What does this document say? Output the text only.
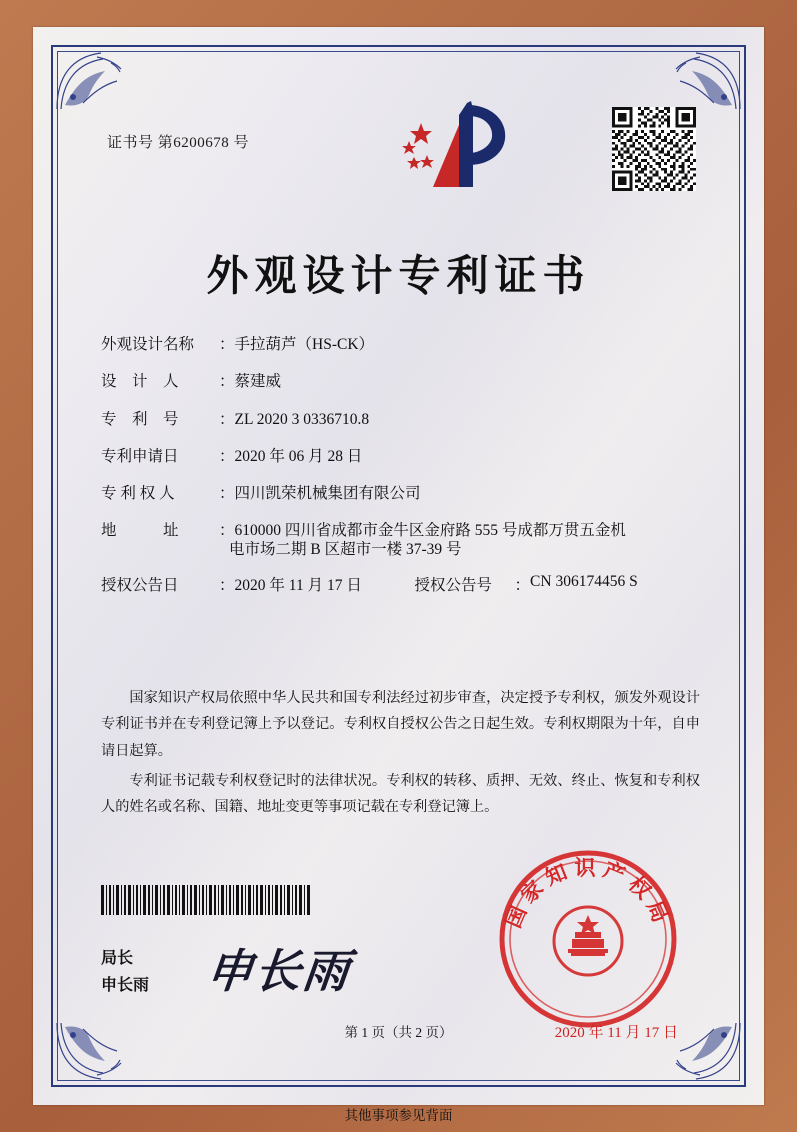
证书号 第6200678 号
外观设计专利证书
外观设计名称	： 手拉葫芦（HS-CK）
设　计　人	： 蔡建威
专　利　号	： ZL 2020 3 0336710.8
专利申请日	： 2020 年 06 月 28 日
专 利 权 人	： 四川凯荣机械集团有限公司
地　　　址	： 610000 四川省成都市金牛区金府路 555 号成都万贯五金机
电市场二期 B 区超市一楼 37-39 号
授权公告日	： 2020 年 11 月 17 日	授权公告号	： CN 306174456 S

国家知识产权局依照中华人民共和国专利法经过初步审查，决定授予专利权，颁发外观设计专利证书并在专利登记簿上予以登记。专利权自授权公告之日起生效。专利权期限为十年，自申请日起算。

专利证书记载专利权登记时的法律状况。专利权的转移、质押、无效、终止、恢复和专利权人的姓名或名称、国籍、地址变更等事项记载在专利登记簿上。

局长
申长雨 申长雨
国家知识产权局
2020 年 11 月 17 日
第 1 页（共 2 页）
其他事项参见背面
